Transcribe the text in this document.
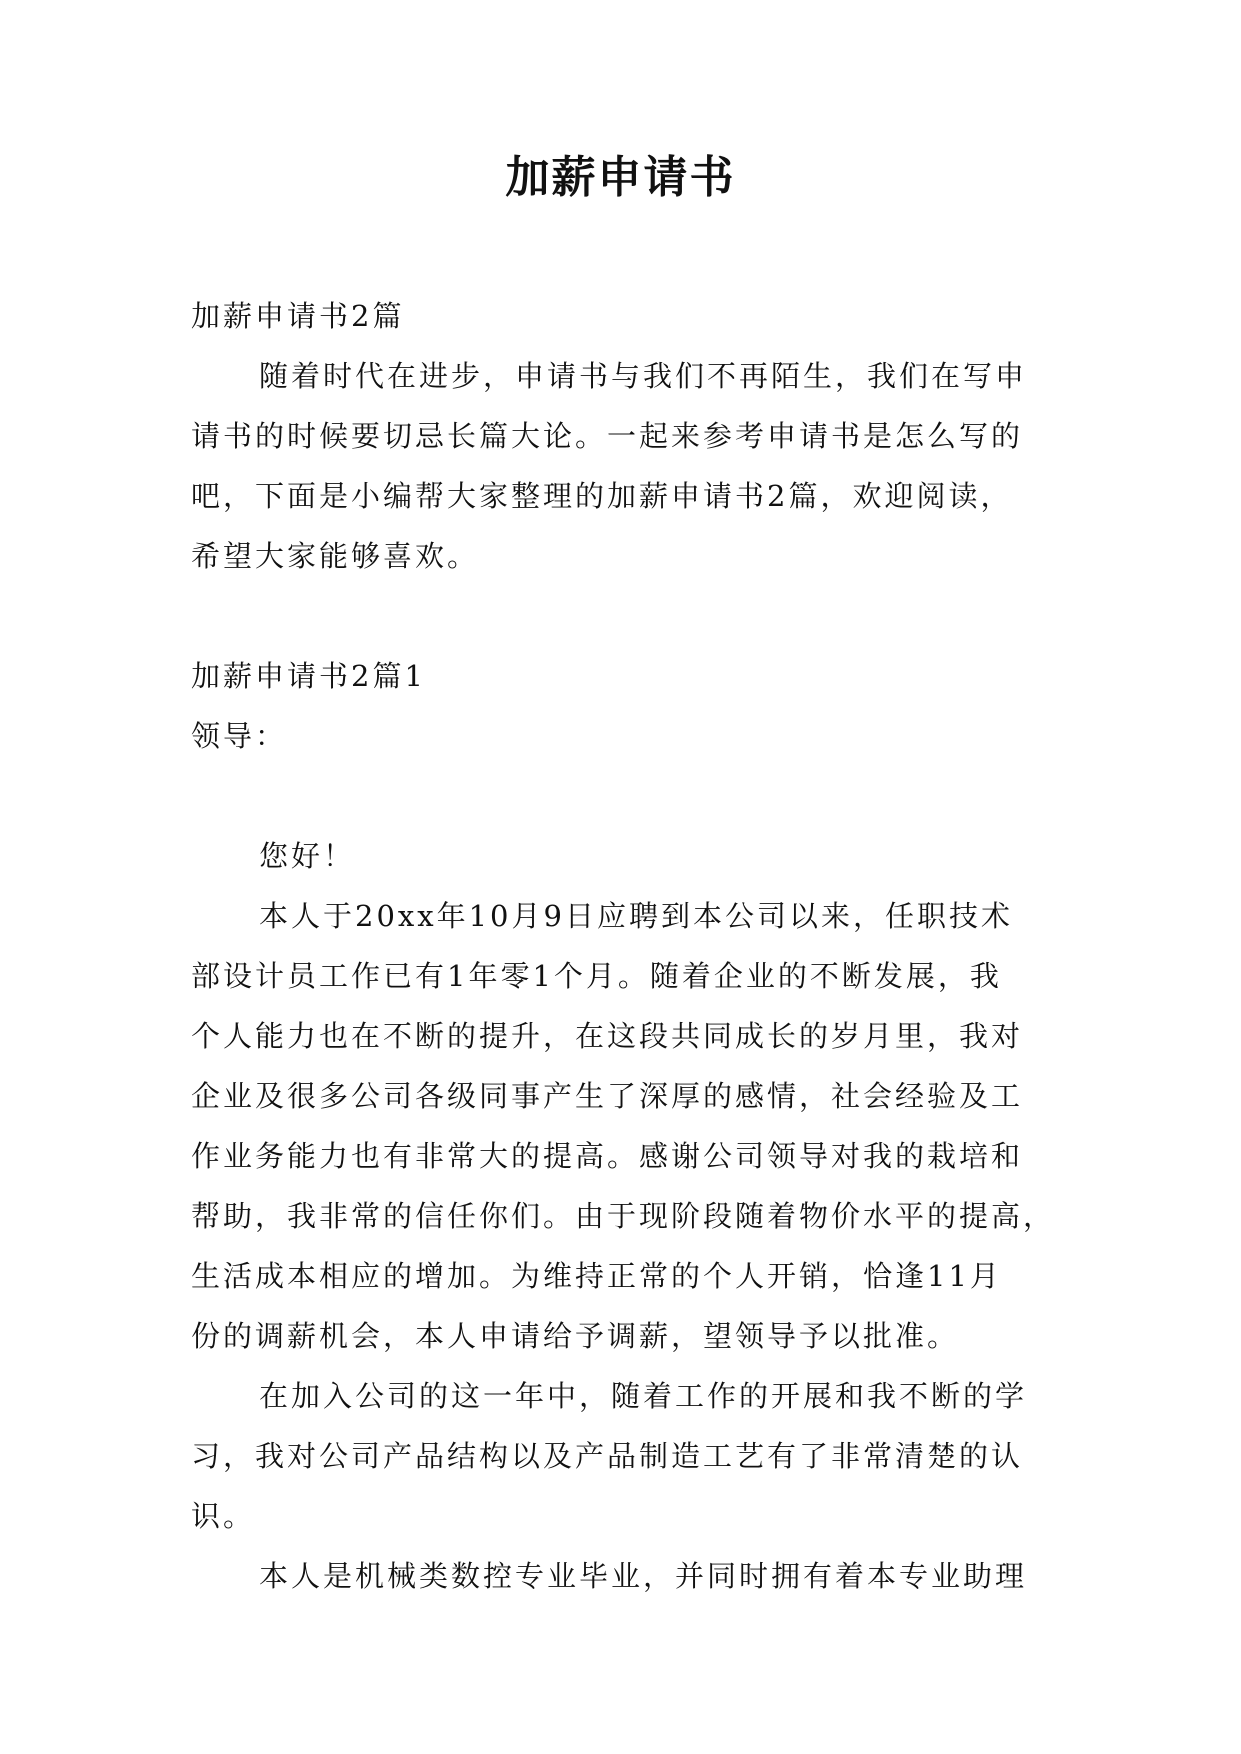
加薪申请书
加薪申请书2篇
随着时代在进步，申请书与我们不再陌生，我们在写申
请书的时候要切忌长篇大论。一起来参考申请书是怎么写的
吧，下面是小编帮大家整理的加薪申请书2篇，欢迎阅读，
希望大家能够喜欢。
加薪申请书2篇1
领导：
您好！
本人于20xx年10月9日应聘到本公司以来，任职技术
部设计员工作已有1年零1个月。随着企业的不断发展，我
个人能力也在不断的提升，在这段共同成长的岁月里，我对
企业及很多公司各级同事产生了深厚的感情，社会经验及工
作业务能力也有非常大的提高。感谢公司领导对我的栽培和
帮助，我非常的信任你们。由于现阶段随着物价水平的提高，
生活成本相应的增加。为维持正常的个人开销，恰逢11月
份的调薪机会，本人申请给予调薪，望领导予以批准。
在加入公司的这一年中，随着工作的开展和我不断的学
习，我对公司产品结构以及产品制造工艺有了非常清楚的认
识。
本人是机械类数控专业毕业，并同时拥有着本专业助理
